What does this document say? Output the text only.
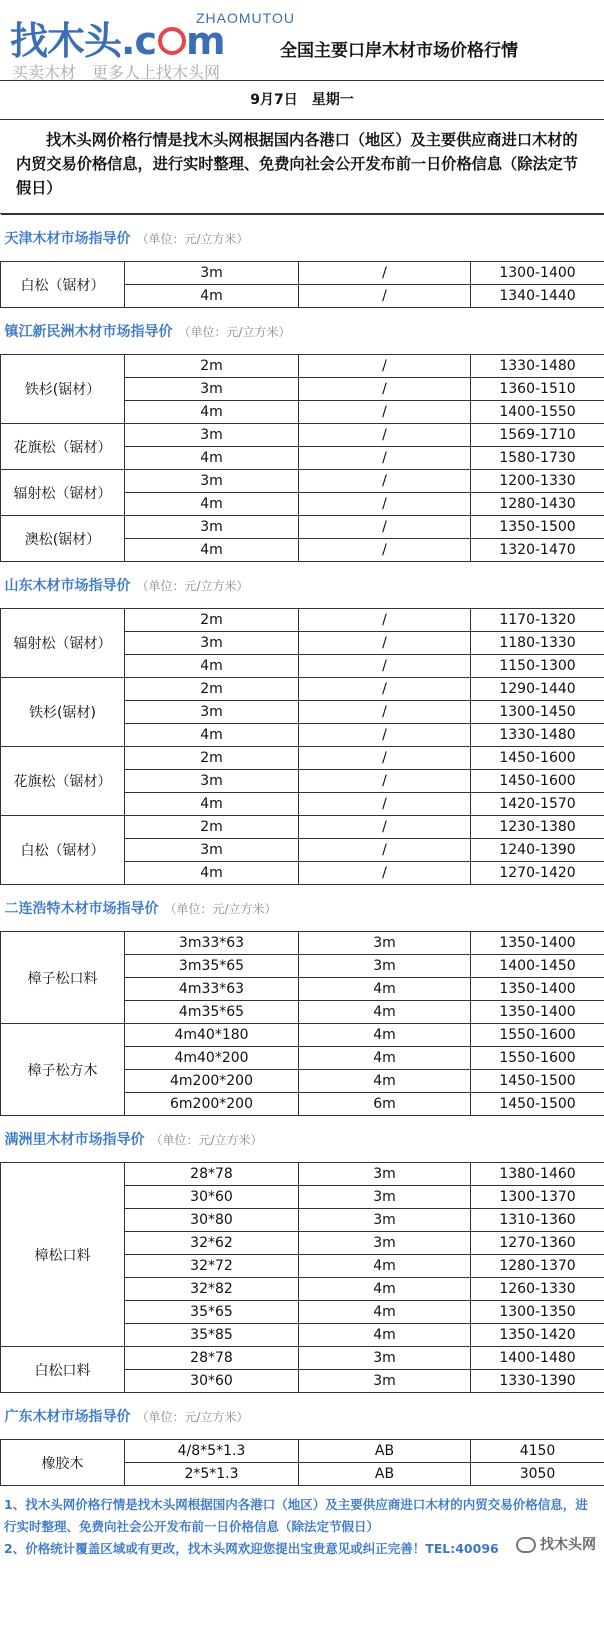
找木头.c m
ZHAOMUTOU
买卖木材　更多人上找木头网
全国主要口岸木材市场价格行情
9月7日　星期一
找木头网价格行情是找木头网根据国内各港口（地区）及主要供应商进口木材的内贸交易价格信息，进行实时整理、免费向社会公开发布前一日价格信息（除法定节假日）
天津木材市场指导价 （单位：元/立方米）			
白松（锯材）	3m	/	1300-1400
	4m	/	1340-1440
镇江新民洲木材市场指导价 （单位：元/立方米）			
铁杉(锯材）	2m	/	1330-1480
	3m	/	1360-1510
	4m	/	1400-1550
花旗松（锯材）	3m	/	1569-1710
	4m	/	1580-1730
辐射松（锯材）	3m	/	1200-1330
	4m	/	1280-1430
澳松(锯材）	3m	/	1350-1500
	4m	/	1320-1470
山东木材市场指导价 （单位：元/立方米）			
辐射松（锯材）	2m	/	1170-1320
	3m	/	1180-1330
	4m	/	1150-1300
铁杉(锯材)	2m	/	1290-1440
	3m	/	1300-1450
	4m	/	1330-1480
花旗松（锯材）	2m	/	1450-1600
	3m	/	1450-1600
	4m	/	1420-1570
白松（锯材）	2m	/	1230-1380
	3m	/	1240-1390
	4m	/	1270-1420
二连浩特木材市场指导价 （单位：元/立方米）			
樟子松口料	3m33*63	3m	1350-1400
	3m35*65	3m	1400-1450
	4m33*63	4m	1350-1400
	4m35*65	4m	1350-1400
樟子松方木	4m40*180	4m	1550-1600
	4m40*200	4m	1550-1600
	4m200*200	4m	1450-1500
	6m200*200	6m	1450-1500
满洲里木材市场指导价 （单位：元/立方米）			
樟松口料	28*78	3m	1380-1460
	30*60	3m	1300-1370
	30*80	3m	1310-1360
	32*62	3m	1270-1360
	32*72	4m	1280-1370
	32*82	4m	1260-1330
	35*65	4m	1300-1350
	35*85	4m	1350-1420
白松口料	28*78	3m	1400-1480
	30*60	3m	1330-1390
广东木材市场指导价 （单位：元/立方米）			
橡胶木	4/8*5*1.3	AB	4150
	2*5*1.3	AB	3050
1、找木头网价格行情是找木头网根据国内各港口（地区）及主要供应商进口木材的内贸交易价格信息，进行实时整理、免费向社会公开发布前一日价格信息（除法定节假日）
2、价格统计覆盖区域或有更改，找木头网欢迎您提出宝贵意见或纠正完善！TEL:40096	找木头网
